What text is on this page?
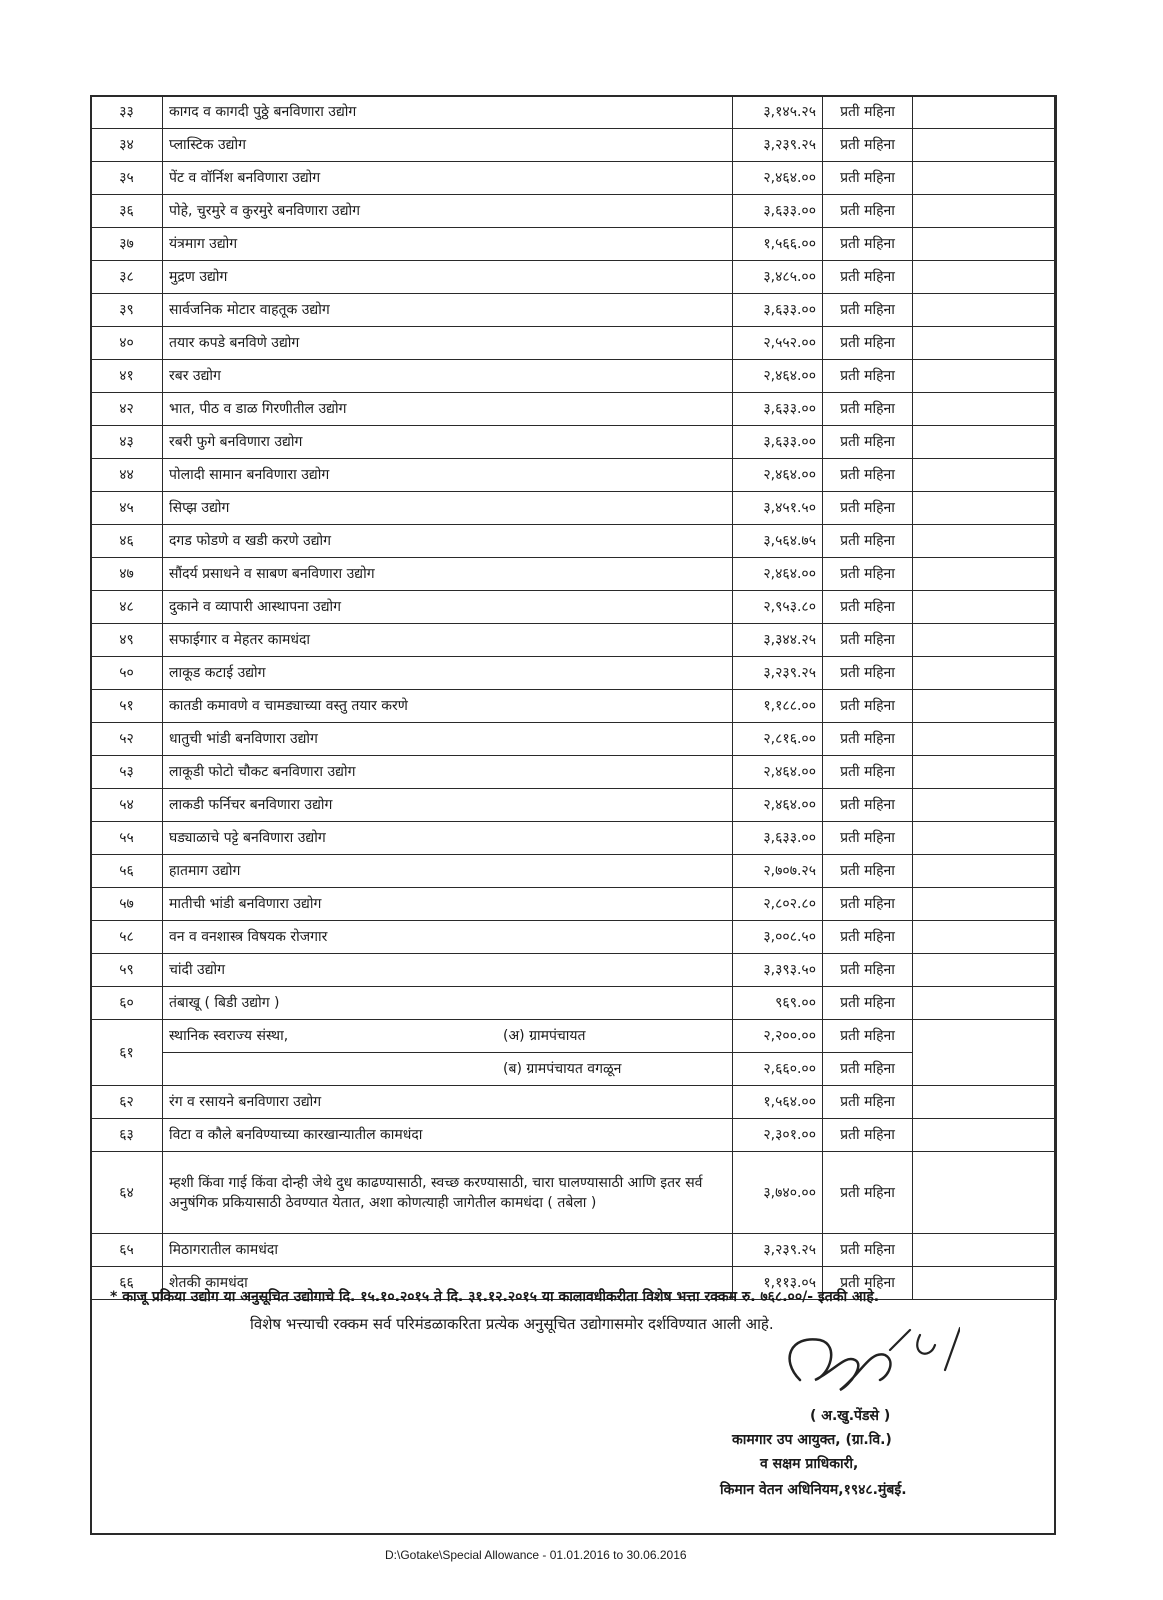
३३	कागद व कागदी पुठ्ठे बनविणारा उद्योग	३,१४५.२५	प्रती महिना	
३४	प्लास्टिक उद्योग	३,२३९.२५	प्रती महिना	
३५	पेंट व वॉर्निश बनविणारा उद्योग	२,४६४.००	प्रती महिना	
३६	पोहे, चुरमुरे व कुरमुरे बनविणारा उद्योग	३,६३३.००	प्रती महिना	
३७	यंत्रमाग उद्योग	१,५६६.००	प्रती महिना	
३८	मुद्रण उद्योग	३,४८५.००	प्रती महिना	
३९	सार्वजनिक मोटार वाहतूक उद्योग	३,६३३.००	प्रती महिना	
४०	तयार कपडे बनविणे उद्योग	२,५५२.००	प्रती महिना	
४१	रबर उद्योग	२,४६४.००	प्रती महिना	
४२	भात, पीठ व डाळ गिरणीतील उद्योग	३,६३३.००	प्रती महिना	
४३	रबरी फुगे बनविणारा उद्योग	३,६३३.००	प्रती महिना	
४४	पोलादी सामान बनविणारा उद्योग	२,४६४.००	प्रती महिना	
४५	सिप्झ उद्योग	३,४५१.५०	प्रती महिना	
४६	दगड फोडणे व खडी करणे उद्योग	३,५६४.७५	प्रती महिना	
४७	सौंदर्य प्रसाधने व साबण बनविणारा उद्योग	२,४६४.००	प्रती महिना	
४८	दुकाने व व्यापारी आस्थापना उद्योग	२,९५३.८०	प्रती महिना	
४९	सफाईगार व मेहतर कामधंदा	३,३४४.२५	प्रती महिना	
५०	लाकूड कटाई उद्योग	३,२३९.२५	प्रती महिना	
५१	कातडी कमावणे व चामड्याच्या वस्तु तयार करणे	१,१८८.००	प्रती महिना	
५२	धातुची भांडी बनविणारा उद्योग	२,८१६.००	प्रती महिना	
५३	लाकूडी फोटो चौकट बनविणारा उद्योग	२,४६४.००	प्रती महिना	
५४	लाकडी फर्निचर बनविणारा उद्योग	२,४६४.००	प्रती महिना	
५५	घड्याळाचे पट्टे बनविणारा उद्योग	३,६३३.००	प्रती महिना	
५६	हातमाग उद्योग	२,७०७.२५	प्रती महिना	
५७	मातीची भांडी बनविणारा उद्योग	२,८०२.८०	प्रती महिना	
५८	वन व वनशास्त्र विषयक रोजगार	३,००८.५०	प्रती महिना	
५९	चांदी उद्योग	३,३९३.५०	प्रती महिना	
६०	तंबाखू ( बिडी उद्योग )	९६९.००	प्रती महिना	
६१	स्थानिक स्वराज्य संस्था, (अ) ग्रामपंचायत	२,२००.००	प्रती महिना	

	(ब) ग्रामपंचायत वगळून	२,६६०.००	प्रती महिना	
६२	रंग व रसायने बनविणारा उद्योग	१,५६४.००	प्रती महिना	
६३	विटा व कौले बनविण्याच्या कारखान्यातील कामधंदा	२,३०१.००	प्रती महिना	
६४	म्हशी किंवा गाई किंवा दोन्ही जेथे दुध काढण्यासाठी, स्वच्छ करण्यासाठी, चारा घालण्यासाठी आणि इतर सर्व अनुषंगिक प्रकियासाठी ठेवण्यात येतात, अशा कोणत्याही जागेतील कामधंदा ( तबेला )	३,७४०.००	प्रती महिना	
६५	मिठागरातील कामधंदा	३,२३९.२५	प्रती महिना	
६६	शेतकी कामधंदा	१,११३.०५	प्रती महिना	
* काजू प्रकिया उद्योग या अनुसूचित उद्योगाचे दि. १५.१०.२०१५ ते दि. ३१.१२.२०१५ या कालावधीकरीता विशेष भत्ता रक्कम रु. ७६८.००/- इतकी आहे.
विशेष भत्त्याची रक्कम सर्व परिमंडळाकरिता प्रत्येक अनुसूचित उद्योगासमोर दर्शविण्यात आली आहे.
( अ.खु.पेंडसे )
कामगार उप आयुक्त, (ग्रा.वि.)
व सक्षम प्राधिकारी,
किमान वेतन अधिनियम,१९४८.मुंबई.
D:\Gotake\Special Allowance - 01.01.2016 to 30.06.2016
